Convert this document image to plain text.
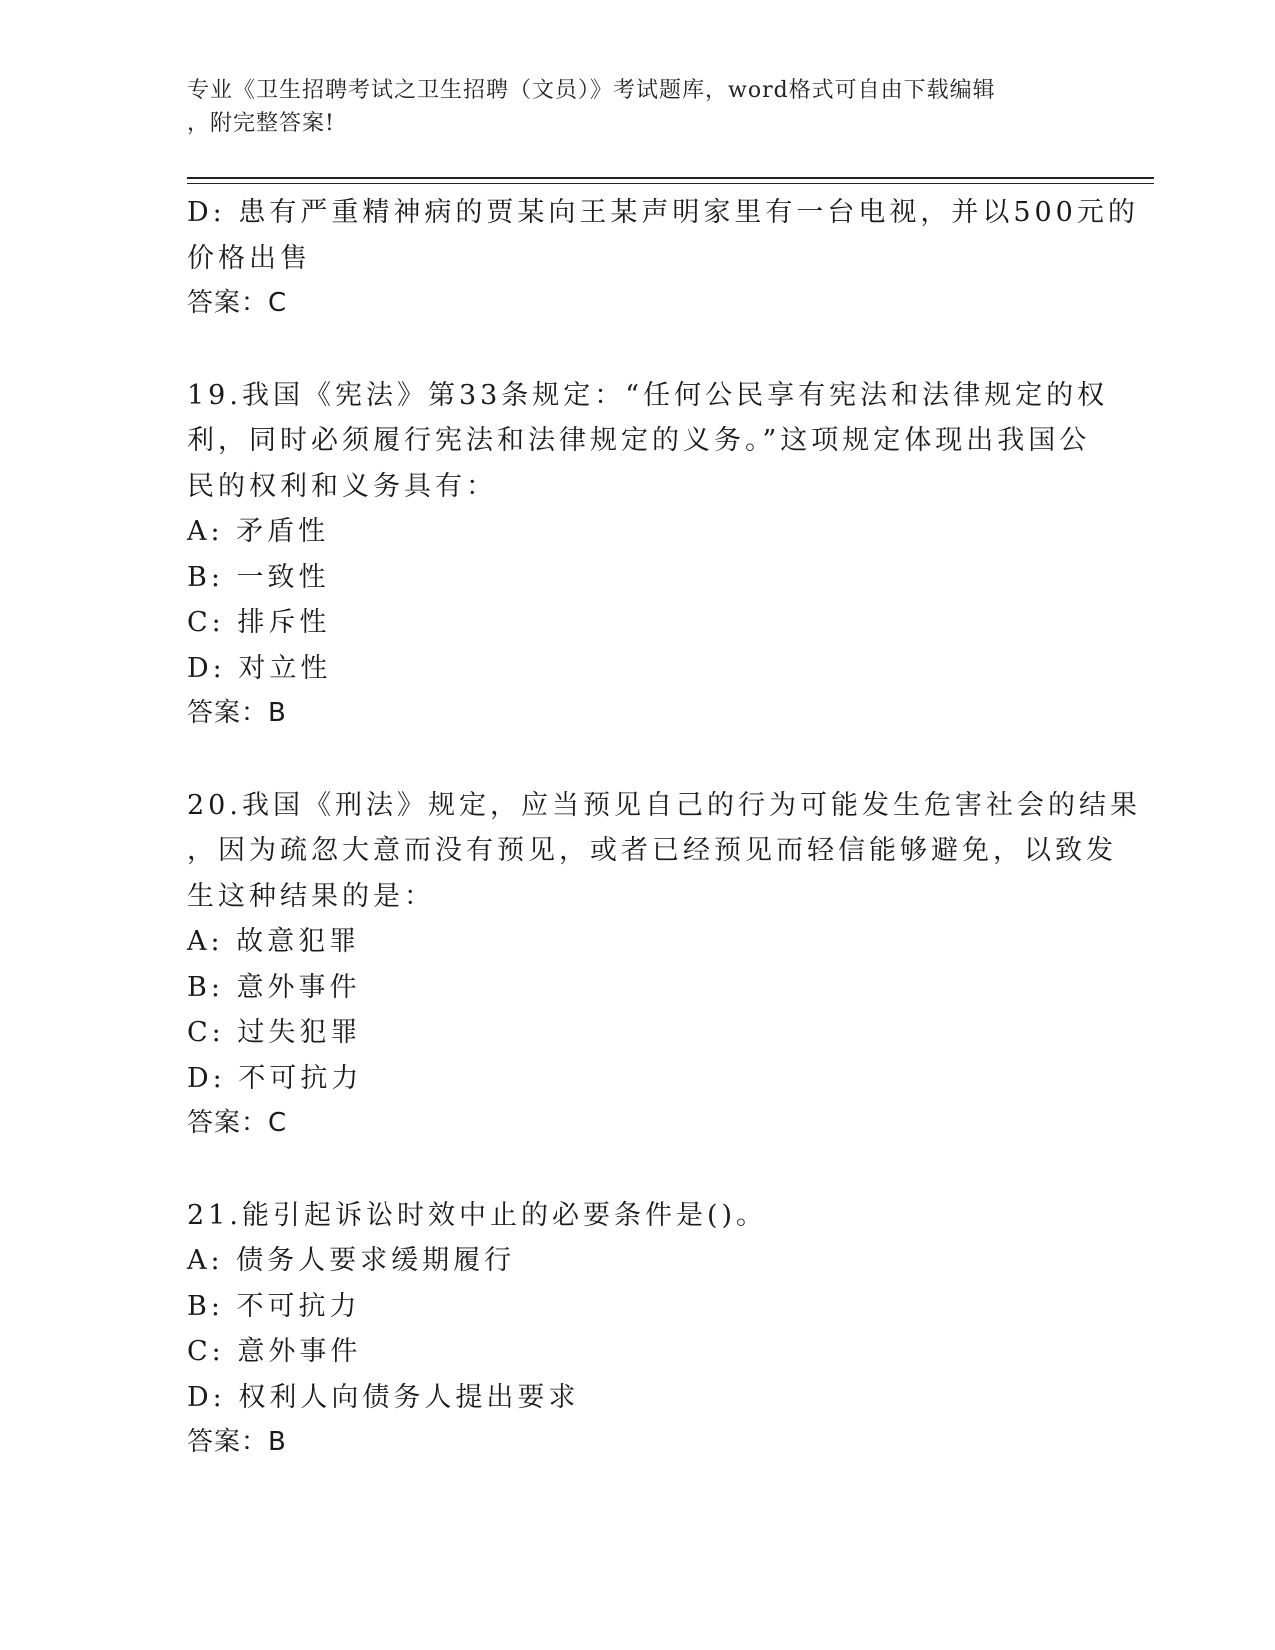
专业《卫生招聘考试之卫生招聘（文员）》考试题库，word格式可自由下载编辑
，附完整答案!
D: 患有严重精神病的贾某向王某声明家里有一台电视，并以500元的
价格出售
答案：C
19.我国《宪法》第33条规定：“任何公民享有宪法和法律规定的权
利，同时必须履行宪法和法律规定的义务。”这项规定体现出我国公
民的权利和义务具有：
A: 矛盾性
B: 一致性
C: 排斥性
D: 对立性
答案：B
20.我国《刑法》规定，应当预见自己的行为可能发生危害社会的结果
，因为疏忽大意而没有预见，或者已经预见而轻信能够避免，以致发
生这种结果的是：
A: 故意犯罪
B: 意外事件
C: 过失犯罪
D: 不可抗力
答案：C
21.能引起诉讼时效中止的必要条件是()。
A: 债务人要求缓期履行
B: 不可抗力
C: 意外事件
D: 权利人向债务人提出要求
答案：B
